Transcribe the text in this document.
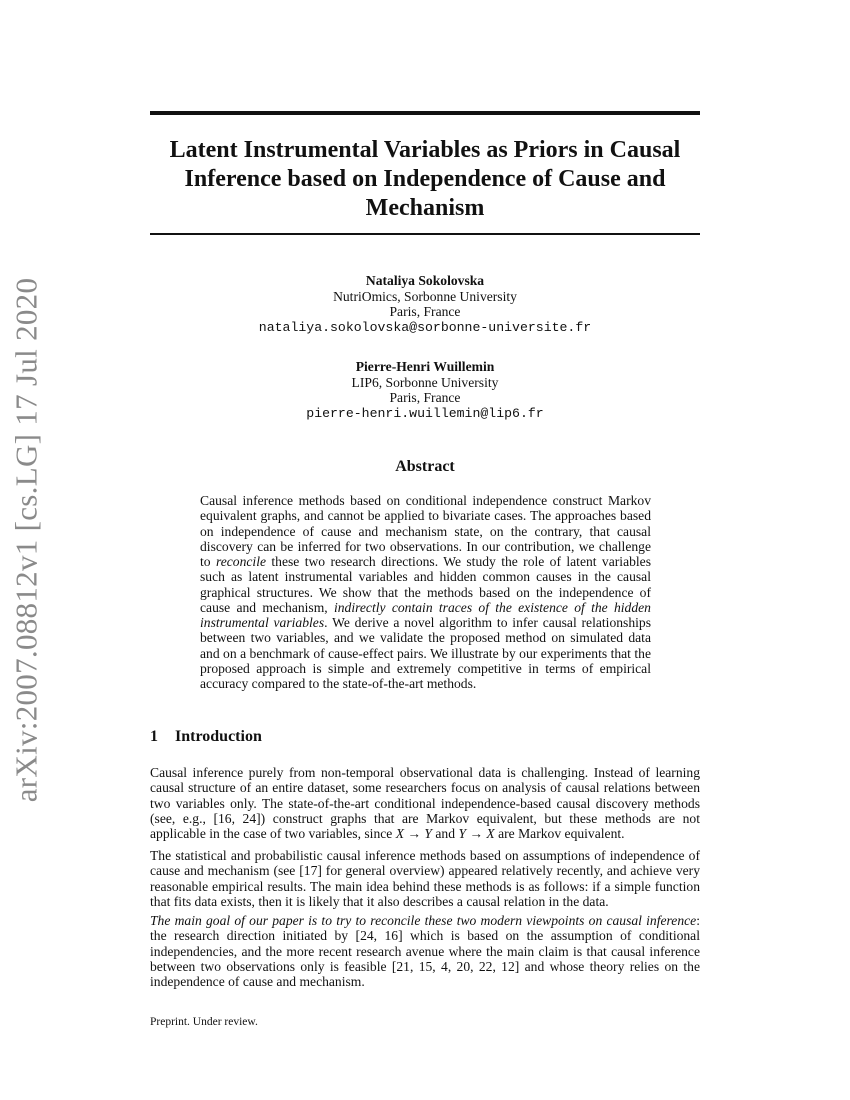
arXiv:2007.08812v1 [cs.LG] 17 Jul 2020
Latent Instrumental Variables as Priors in Causal Inference based on Independence of Cause and Mechanism
Nataliya Sokolovska
NutriOmics, Sorbonne University
Paris, France
nataliya.sokolovska@sorbonne-universite.fr
Pierre-Henri Wuillemin
LIP6, Sorbonne University
Paris, France
pierre-henri.wuillemin@lip6.fr
Abstract

Causal inference methods based on conditional independence construct Markov equivalent graphs, and cannot be applied to bivariate cases. The approaches based on independence of cause and mechanism state, on the contrary, that causal discovery can be inferred for two observations. In our contribution, we challenge to reconcile these two research directions. We study the role of latent variables such as latent instrumental variables and hidden common causes in the causal graphical structures. We show that the methods based on the independence of cause and mechanism, indirectly contain traces of the existence of the hidden instrumental variables. We derive a novel algorithm to infer causal relationships between two variables, and we validate the proposed method on simulated data and on a benchmark of cause-effect pairs. We illustrate by our experiments that the proposed approach is simple and extremely competitive in terms of empirical accuracy compared to the state-of-the-art methods.

1 Introduction

Causal inference purely from non-temporal observational data is challenging. Instead of learning causal structure of an entire dataset, some researchers focus on analysis of causal relations between two variables only. The state-of-the-art conditional independence-based causal discovery methods (see, e.g., [16, 24]) construct graphs that are Markov equivalent, but these methods are not applicable in the case of two variables, since X → Y and Y → X are Markov equivalent.

The statistical and probabilistic causal inference methods based on assumptions of independence of cause and mechanism (see [17] for general overview) appeared relatively recently, and achieve very reasonable empirical results. The main idea behind these methods is as follows: if a simple function that fits data exists, then it is likely that it also describes a causal relation in the data.

The main goal of our paper is to try to reconcile these two modern viewpoints on causal inference: the research direction initiated by [24, 16] which is based on the assumption of conditional independencies, and the more recent research avenue where the main claim is that causal inference between two observations only is feasible [21, 15, 4, 20, 22, 12] and whose theory relies on the independence of cause and mechanism.

Preprint. Under review.
